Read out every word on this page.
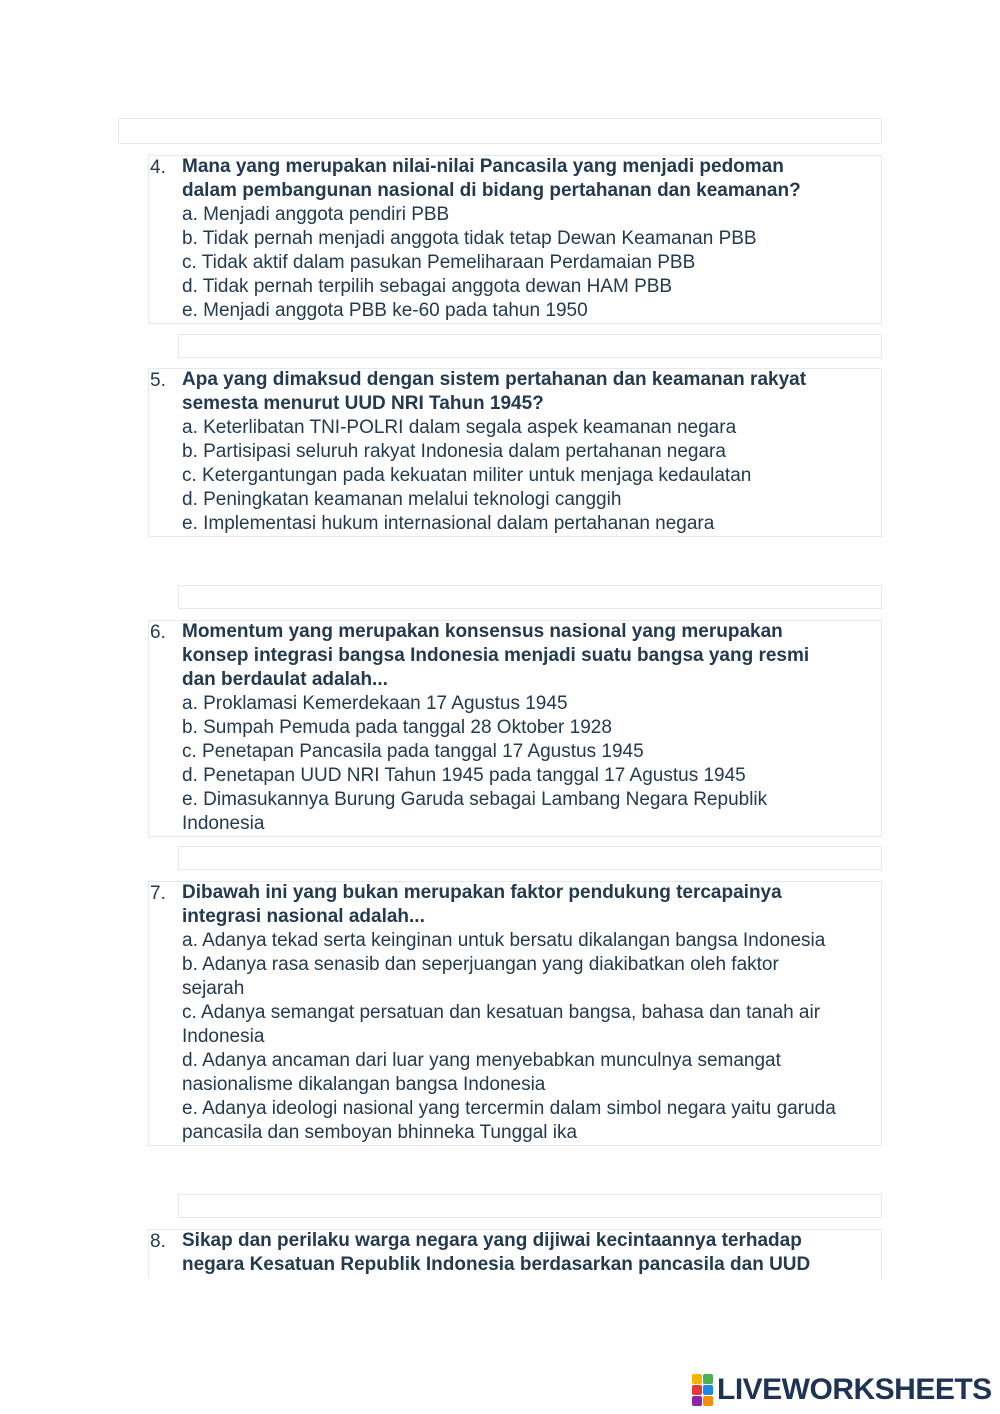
4. Mana yang merupakan nilai-nilai Pancasila yang menjadi pedoman
dalam pembangunan nasional di bidang pertahanan dan keamanan?
a. Menjadi anggota pendiri PBB
b. Tidak pernah menjadi anggota tidak tetap Dewan Keamanan PBB
c. Tidak aktif dalam pasukan Pemeliharaan Perdamaian PBB
d. Tidak pernah terpilih sebagai anggota dewan HAM PBB
e. Menjadi anggota PBB ke-60 pada tahun 1950
5. Apa yang dimaksud dengan sistem pertahanan dan keamanan rakyat
semesta menurut UUD NRI Tahun 1945?
a. Keterlibatan TNI-POLRI dalam segala aspek keamanan negara
b. Partisipasi seluruh rakyat Indonesia dalam pertahanan negara
c. Ketergantungan pada kekuatan militer untuk menjaga kedaulatan
d. Peningkatan keamanan melalui teknologi canggih
e. Implementasi hukum internasional dalam pertahanan negara
6. Momentum yang merupakan konsensus nasional yang merupakan
konsep integrasi bangsa Indonesia menjadi suatu bangsa yang resmi
dan berdaulat adalah...
a. Proklamasi Kemerdekaan 17 Agustus 1945
b. Sumpah Pemuda pada tanggal 28 Oktober 1928
c. Penetapan Pancasila pada tanggal 17 Agustus 1945
d. Penetapan UUD NRI Tahun 1945 pada tanggal 17 Agustus 1945
e. Dimasukannya Burung Garuda sebagai Lambang Negara Republik
Indonesia
7. Dibawah ini yang bukan merupakan faktor pendukung tercapainya
integrasi nasional adalah...
a. Adanya tekad serta keinginan untuk bersatu dikalangan bangsa Indonesia
b. Adanya rasa senasib dan seperjuangan yang diakibatkan oleh faktor
sejarah
c. Adanya semangat persatuan dan kesatuan bangsa, bahasa dan tanah air
Indonesia
d. Adanya ancaman dari luar yang menyebabkan munculnya semangat
nasionalisme dikalangan bangsa Indonesia
e. Adanya ideologi nasional yang tercermin dalam simbol negara yaitu garuda
pancasila dan semboyan bhinneka Tunggal ika
8. Sikap dan perilaku warga negara yang dijiwai kecintaannya terhadap
negara Kesatuan Republik Indonesia berdasarkan pancasila dan UUD
LIVEWORKSHEETS
